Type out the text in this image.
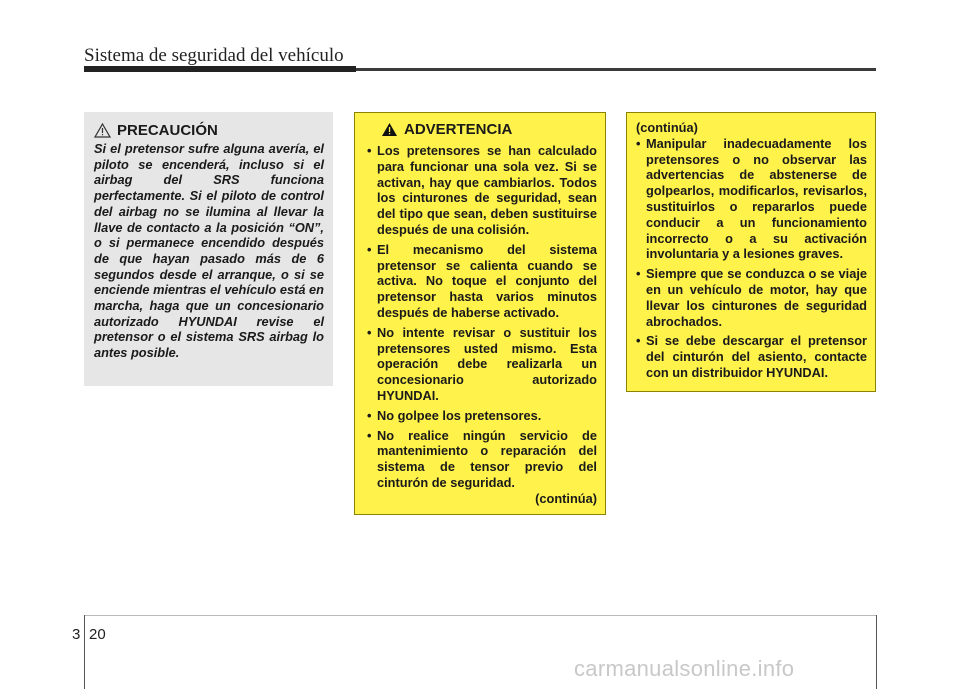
Sistema de seguridad del vehículo
PRECAUCIÓN

Si el pretensor sufre alguna avería, el piloto se encenderá, incluso si el airbag del SRS funciona perfectamente. Si el piloto de control del airbag no se ilumina al llevar la llave de contacto a la posición “ON”, o si permanece encendido después de que hayan pasado más de 6 segundos desde el arranque, o si se enciende mientras el vehículo está en marcha, haga que un concesionario autorizado HYUNDAI revise el pretensor o el sistema SRS airbag lo antes posible.

ADVERTENCIA
• Los pretensores se han calculado para funcionar una sola vez. Si se activan, hay que cambiarlos. Todos los cinturones de seguridad, sean del tipo que sean, deben sustituirse después de una colisión.
• El mecanismo del sistema pretensor se calienta cuando se activa. No toque el conjunto del pretensor hasta varios minutos después de haberse activado.
• No intente revisar o sustituir los pretensores usted mismo. Esta operación debe realizarla un concesionario autorizado HYUNDAI.
• No golpee los pretensores.
• No realice ningún servicio de mantenimiento o reparación del sistema de tensor previo del cinturón de seguridad.
(continúa)
(continúa)
• Manipular inadecuadamente los pretensores o no observar las advertencias de abstenerse de golpearlos, modificarlos, revisarlos, sustituirlos o repararlos puede conducir a un funcionamiento incorrecto o a su activación involuntaria y a lesiones graves.
• Siempre que se conduzca o se viaje en un vehículo de motor, hay que llevar los cinturones de seguridad abrochados.
• Si se debe descargar el pretensor del cinturón del asiento, contacte con un distribuidor HYUNDAI.
3 20
carmanualsonline.info
